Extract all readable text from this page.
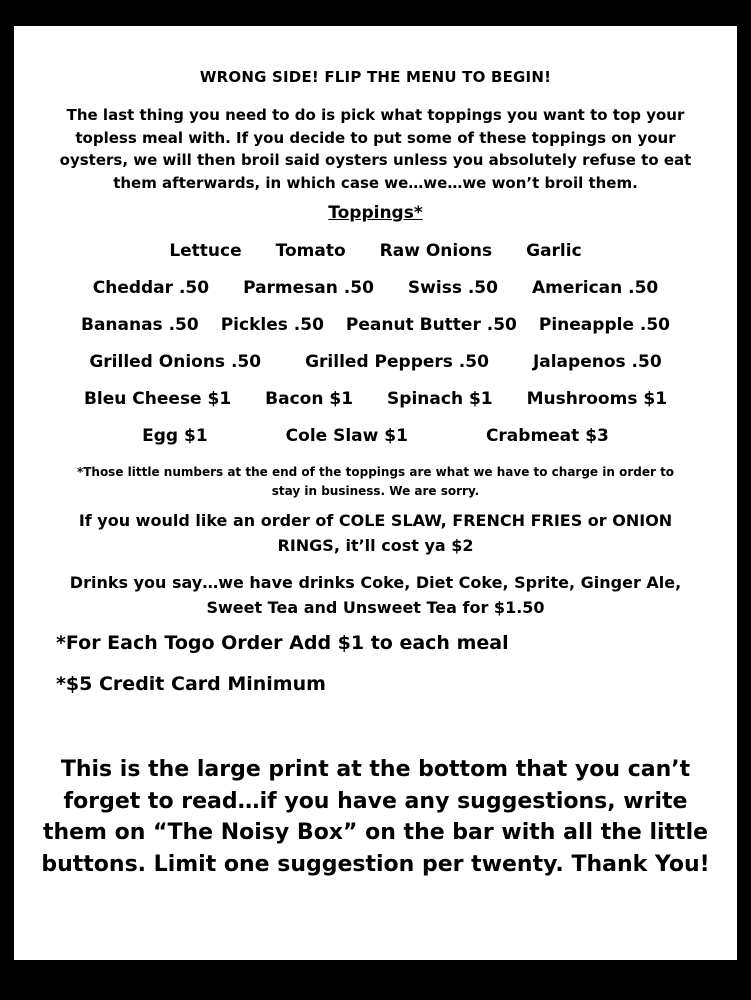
WRONG SIDE! FLIP THE MENU TO BEGIN!
The last thing you need to do is pick what toppings you want to top your topless meal with. If you decide to put some of these toppings on your oysters, we will then broil said oysters unless you absolutely refuse to eat them afterwards, in which case we…we…we won’t broil them.
Toppings*
Lettuce Tomato Raw Onions Garlic
Cheddar .50 Parmesan .50 Swiss .50 American .50
Bananas .50 Pickles .50 Peanut Butter .50 Pineapple .50
Grilled Onions .50	Grilled Peppers .50	Jalapenos .50
Bleu Cheese $1 Bacon $1 Spinach $1 Mushrooms $1
Egg $1	Cole Slaw $1	Crabmeat $3
*Those little numbers at the end of the toppings are what we have to charge in order to stay in business. We are sorry.
If you would like an order of COLE SLAW, FRENCH FRIES or ONION RINGS, it’ll cost ya $2
Drinks you say…we have drinks Coke, Diet Coke, Sprite, Ginger Ale, Sweet Tea and Unsweet Tea for $1.50
*For Each Togo Order Add $1 to each meal
*$5 Credit Card Minimum
This is the large print at the bottom that you can’t forget to read…if you have any suggestions, write them on “The Noisy Box” on the bar with all the little buttons. Limit one suggestion per twenty. Thank You!
